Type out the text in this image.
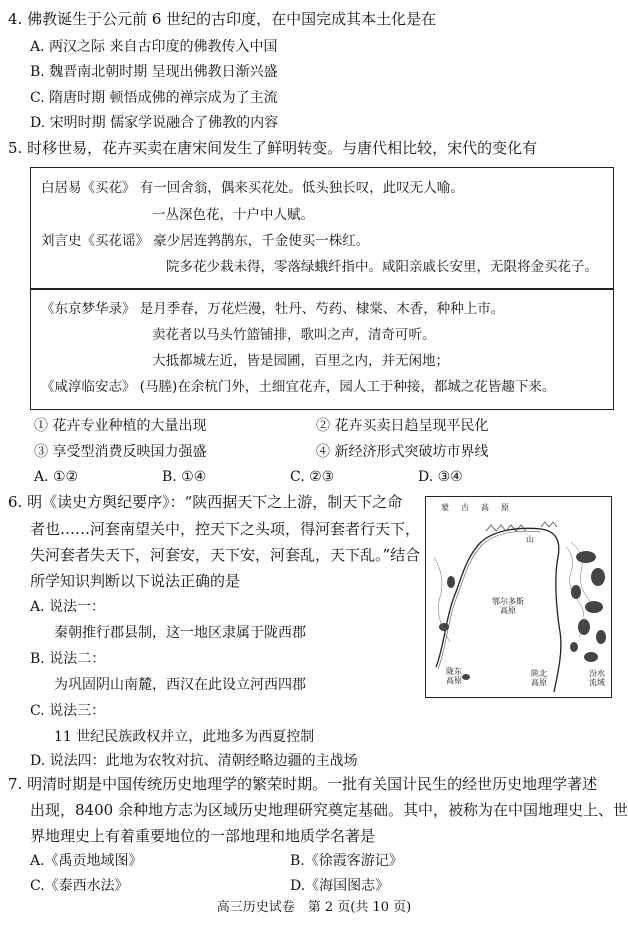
4. 佛教诞生于公元前 6 世纪的古印度，在中国完成其本土化是在
A. 两汉之际 来自古印度的佛教传入中国
B. 魏晋南北朝时期 呈现出佛教日渐兴盛
C. 隋唐时期 顿悟成佛的禅宗成为了主流
D. 宋明时期 儒家学说融合了佛教的内容
5. 时移世易，花卉买卖在唐宋间发生了鲜明转变。与唐代相比较，宋代的变化有
白居易《买花》 有一回舍翁，偶来买花处。低头独长叹，此叹无人喻。
一丛深色花，十户中人赋。
刘言史《买花谣》 豪少居连鹁鹊东，千金使买一株红。
院多花少栽未得，零落绿蛾纤指中。咸阳亲戚长安里，无限将金买花子。
《东京梦华录》 是月季春，万花烂漫，牡丹、芍药、棣棠、木香，种种上市。
卖花者以马头竹篮铺排，歌叫之声，清奇可听。
大抵都城左近，皆是园圃，百里之内，并无闲地；
《咸淳临安志》 (马塍)在余杭门外，土细宜花卉，园人工于种接，都城之花皆趣下来。
① 花卉专业种植的大量出现	② 花卉买卖日趋呈现平民化
③ 享受型消费反映国力强盛	④ 新经济形式突破坊市界线
A. ①②	B. ①④	C. ②③	D. ③④
6. 明《读史方舆纪要序》：“陕西据天下之上游，制天下之命
者也……河套南望关中，控天下之头项，得河套者行天下，
失河套者失天下，河套安，天下安，河套乱，天下乱。”结合
所学知识判断以下说法正确的是
A. 说法一：
秦朝推行郡县制，这一地区隶属于陇西郡
B. 说法二：
为巩固阴山南麓，西汉在此设立河西四郡
C. 说法三：
11 世纪民族政权并立，此地多为西夏控制
D. 说法四：此地为农牧对抗、清朝经略边疆的主战场
蒙　古　高　原
山
鄂尔多斯
高原
陇东
高原
陕北
高原
汾水
流域
7. 明清时期是中国传统历史地理学的繁荣时期。一批有关国计民生的经世历史地理学著述
出现，8400 余种地方志为区域历史地理研究奠定基础。其中，被称为在中国地理史上、世
界地理史上有着重要地位的一部地理和地质学名著是
A.《禹贡地域图》	B.《徐霞客游记》
C.《泰西水法》	D.《海国图志》
高三历史试卷　第 2 页(共 10 页)
